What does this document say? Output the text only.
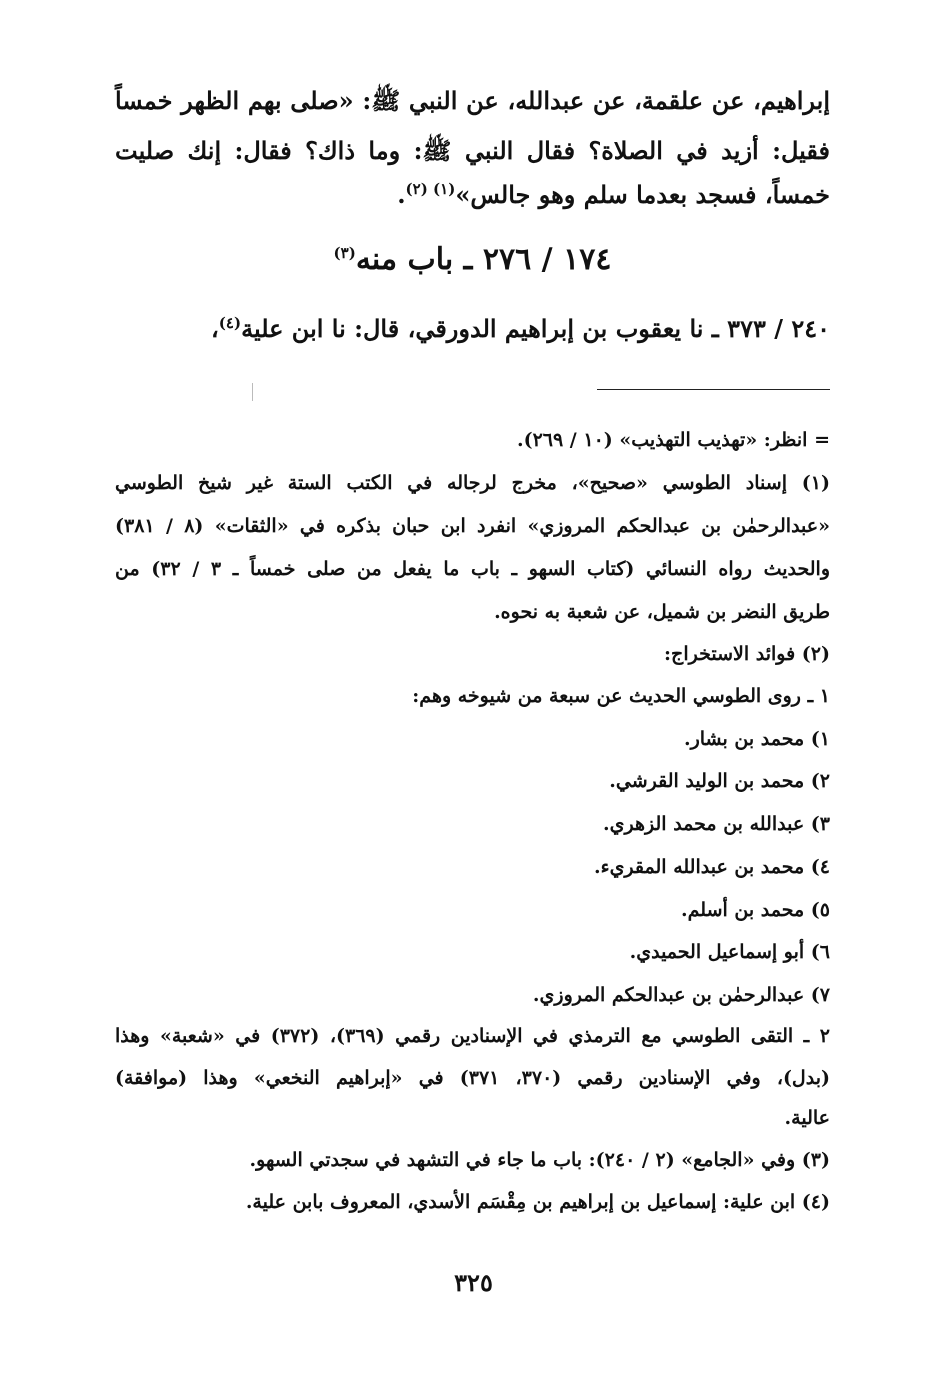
إبراهيم، عن علقمة، عن عبدالله، عن النبي ﷺ: «صلى بهم الظهر خمساً
فقيل: أزيد في الصلاة؟ فقال النبي ﷺ: وما ذاك؟ فقال: إنك صليت
خمساً، فسجد بعدما سلم وهو جالس»$^{(١) (٢)}$.
١٧٤ / ٢٧٦ ـ باب منه$^{(٣)}$
٢٤٠ / ٣٧٣ ـ نا يعقوب بن إبراهيم الدورقي، قال: نا ابن علية$^{(٤)}$،
= انظر: «تهذيب التهذيب» (١٠ / ٢٦٩).
(١) إسناد الطوسي «صحيح»، مخرج لرجاله في الكتب الستة غير شيخ الطوسي
«عبدالرحمٰن بن عبدالحكم المروزي» انفرد ابن حبان بذكره في «الثقات» (٨ / ٣٨١)
والحديث رواه النسائي (كتاب السهو ـ باب ما يفعل من صلى خمساً ـ ٣ / ٣٢) من
طريق النضر بن شميل، عن شعبة به نحوه.
(٢) فوائد الاستخراج:
١ ـ روى الطوسي الحديث عن سبعة من شيوخه وهم:
١) محمد بن بشار.
٢) محمد بن الوليد القرشي.
٣) عبدالله بن محمد الزهري.
٤) محمد بن عبدالله المقريء.
٥) محمد بن أسلم.
٦) أبو إسماعيل الحميدي.
٧) عبدالرحمٰن بن عبدالحكم المروزي.
٢ ـ التقى الطوسي مع الترمذي في الإسنادين رقمي (٣٦٩)، (٣٧٢) في «شعبة» وهذا
(بدل)، وفي الإسنادين رقمي (٣٧٠، ٣٧١) في «إبراهيم النخعي» وهذا (موافقة)
عالية.
(٣) وفي «الجامع» (٢ / ٢٤٠): باب ما جاء في التشهد في سجدتي السهو.
(٤) ابن علية: إسماعيل بن إبراهيم بن مِقْسَم الأسدي، المعروف بابن علية.
٣٢٥
